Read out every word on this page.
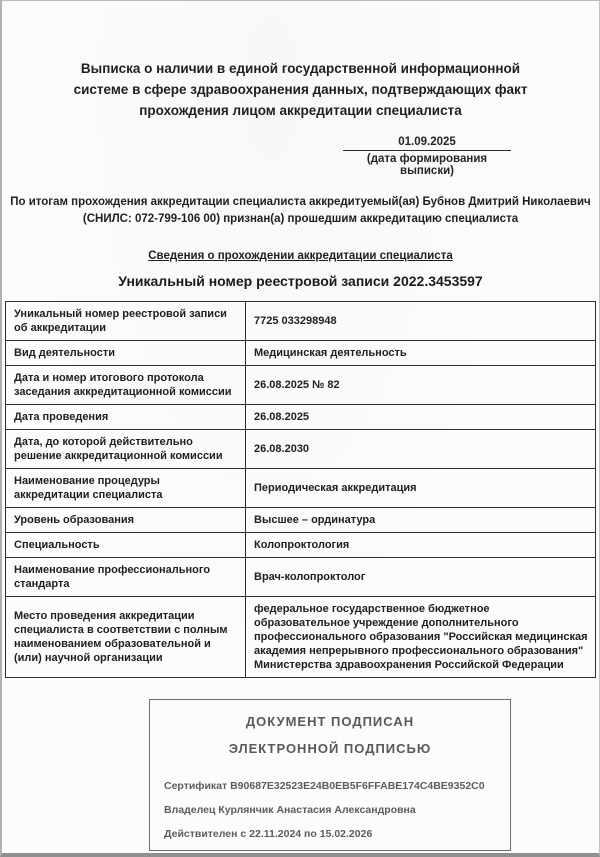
Выписка о наличии в единой государственной информационной системе в сфере здравоохранения данных, подтверждающих факт прохождения лицом аккредитации специалиста
01.09.2025
(дата формирования выписки)
По итогам прохождения аккредитации специалиста аккредитуемый(ая) Бубнов Дмитрий Николаевич (СНИЛС: 072-799-106 00) признан(а) прошедшим аккредитацию специалиста
Сведения о прохождении аккредитации специалиста
Уникальный номер реестровой записи 2022.3453597
Уникальный номер реестровой записи об аккредитации	7725 033298948
Вид деятельности	Медицинская деятельность
Дата и номер итогового протокола заседания аккредитационной комиссии	26.08.2025 № 82
Дата проведения	26.08.2025
Дата, до которой действительно решение аккредитационной комиссии	26.08.2030
Наименование процедуры аккредитации специалиста	Периодическая аккредитация
Уровень образования	Высшее – ординатура
Специальность	Колопроктология
Наименование профессионального стандарта	Врач-колопроктолог
Место проведения аккредитации специалиста в соответствии с полным наименованием образовательной и (или) научной организации	федеральное государственное бюджетное образовательное учреждение дополнительного профессионального образования "Российская медицинская академия непрерывного профессионального образования" Министерства здравоохранения Российской Федерации
ДОКУМЕНТ ПОДПИСАН
ЭЛЕКТРОННОЙ ПОДПИСЬЮ
Сертификат B90687E32523E24B0EB5F6FFABE174C4BE9352C0
Владелец Курлянчик Анастасия Александровна
Действителен с 22.11.2024 по 15.02.2026
